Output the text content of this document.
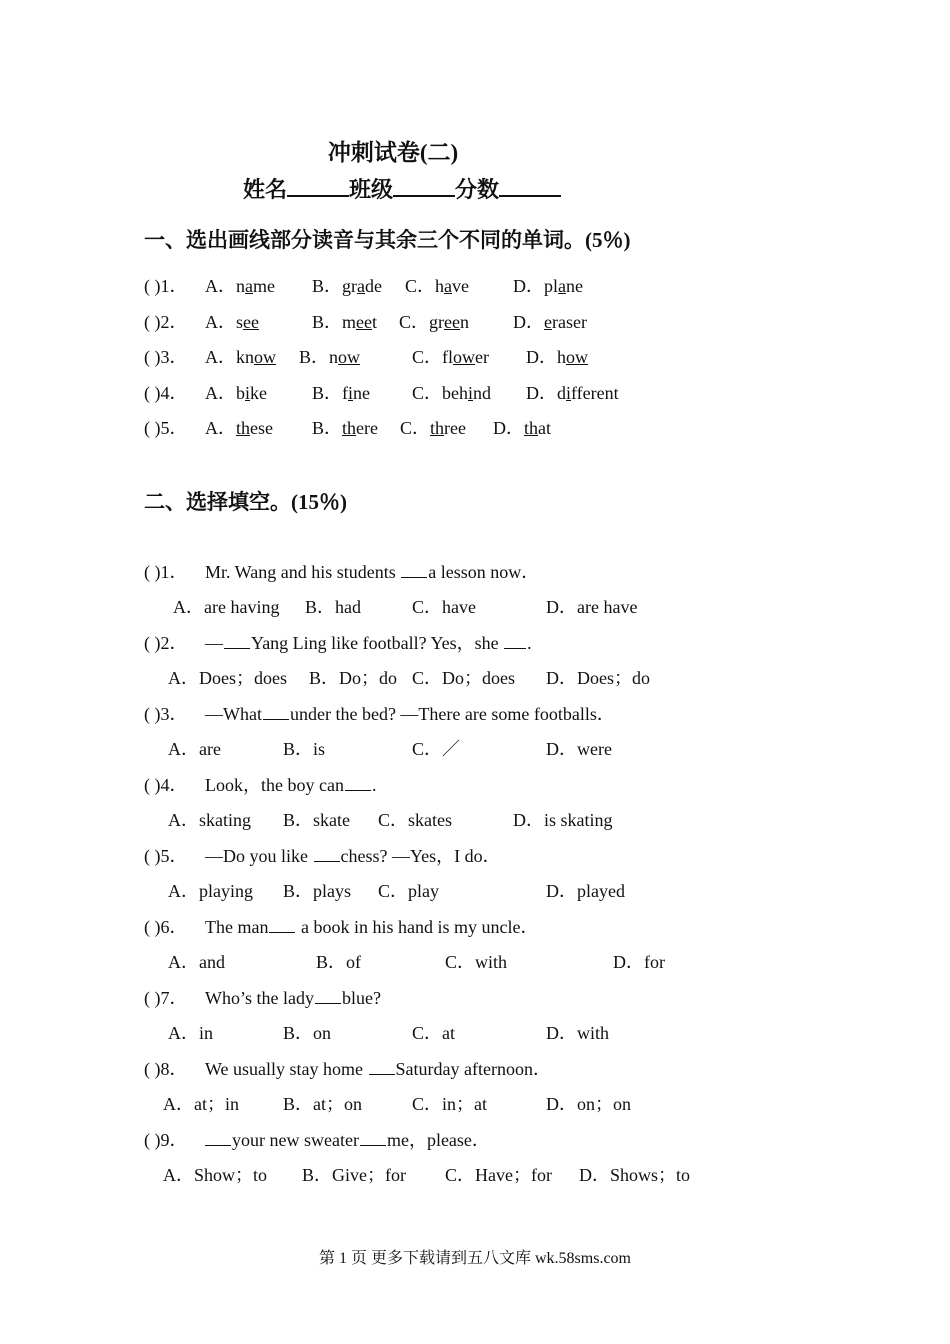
冲刺试卷(二)
姓名	班级	分数
一、选出画线部分读音与其余三个不同的单词。(5％)
( )1． A．name B．grade C．have D．plane
( )2． A．see	B．meet C．green D．eraser
( )3． A．know B．now	C．flower D．how
( )4． A．bike B．fine C．behind D．different
( )5． A．these B．there C．three D．that
二、选择填空。(15％)
( )1． Mr. Wang and his students a lesson now．
A．are having B．had	C．have	D．are have
( )2． — Yang Ling like football? Yes，she .
A．Does；does B．Do；do C．Do；does D．Does；do
( )3． —What under the bed? —There are some footballs．
A．are	B．is	C．／	D．were
( )4． Look，the boy can .
A．skating B．skate C．skates	D．is skating
( )5． —Do you like chess? —Yes，I do．
A．playing B．plays C．play	D．played
( )6． The man a book in his hand is my uncle．
A．and	B．of	C．with	D．for
( )7． Who’s the lady blue?
A．in	B．on	C．at	D．with
( )8． We usually stay home Saturday afternoon．
A．at；in B．at；on	C．in；at	D．on；on
( )9．	your new sweater me，please．
A．Show；to B．Give；for C．Have；for D．Shows；to
第 1 页 更多下载请到五八文库 wk.58sms.com
